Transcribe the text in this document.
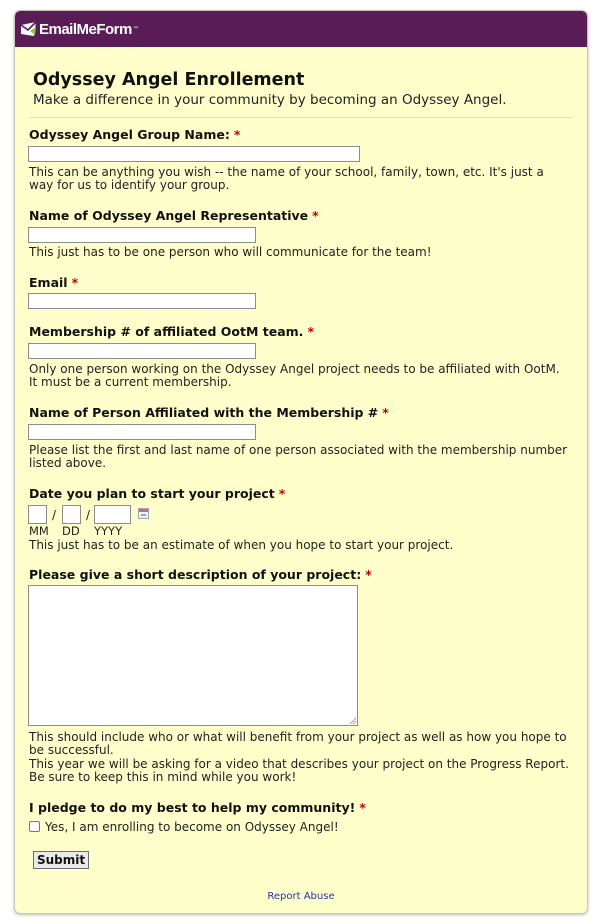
EmailMeForm ™
Odyssey Angel Enrollement
Make a difference in your community by becoming an Odyssey Angel.
Odyssey Angel Group Name: *
This can be anything you wish -- the name of your school, family, town, etc. It's just a way for us to identify your group.
Name of Odyssey Angel Representative *
This just has to be one person who will communicate for the team!
Email *
Membership # of affiliated OotM team. *
Only one person working on the Odyssey Angel project needs to be affiliated with OotM. It must be a current membership.
Name of Person Affiliated with the Membership # *
Please list the first and last name of one person associated with the membership number listed above.
Date you plan to start your project *
/ /
MM DD YYYY
This just has to be an estimate of when you hope to start your project.
Please give a short description of your project: *
This should include who or what will benefit from your project as well as how you hope to be successful.
This year we will be asking for a video that describes your project on the Progress Report. Be sure to keep this in mind while you work!
I pledge to do my best to help my community! *
Yes, I am enrolling to become on Odyssey Angel!
Submit
Report Abuse
